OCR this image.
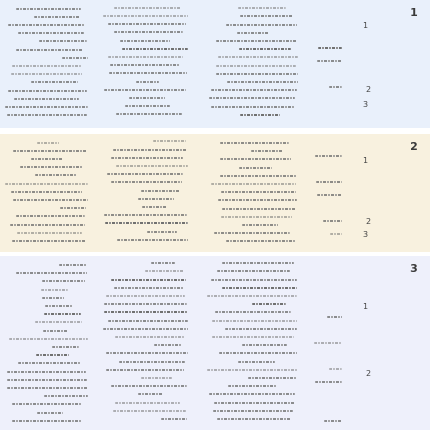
1
2
3
1
2
3
1
2
3
1
2
